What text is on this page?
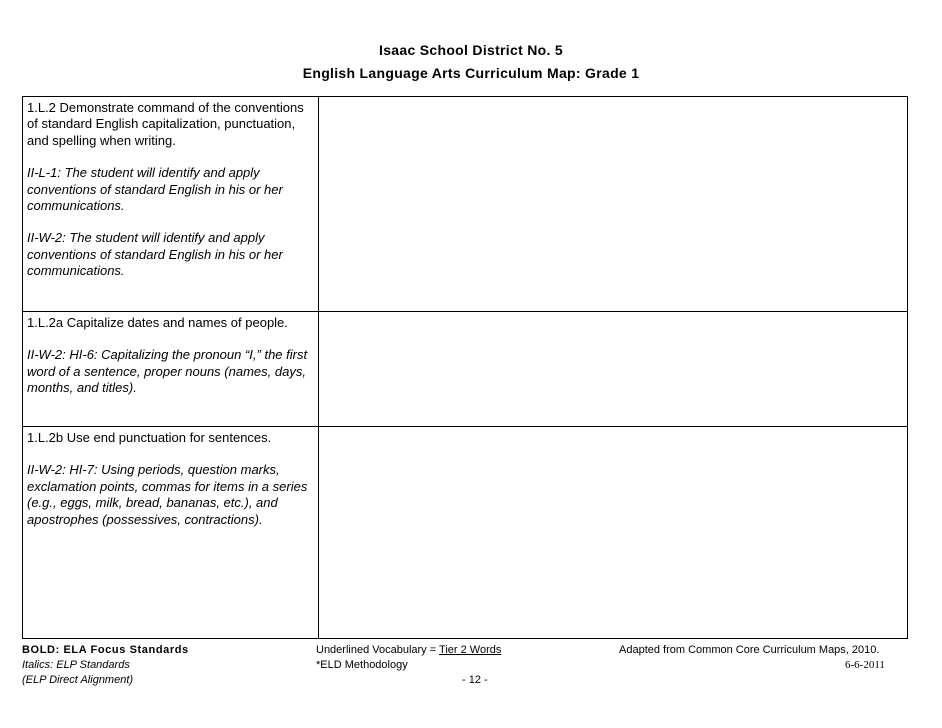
Isaac School District No. 5
English Language Arts Curriculum Map: Grade 1

1.L.2 Demonstrate command of the conventions of standard English capitalization, punctuation, and spelling when writing.

II-L-1: The student will identify and apply conventions of standard English in his or her communications.

II-W-2: The student will identify and apply conventions of standard English in his or her communications.	

1.L.2a Capitalize dates and names of people.

II-W-2: HI-6: Capitalizing the pronoun “I,” the first word of a sentence, proper nouns (names, days, months, and titles).	

1.L.2b Use end punctuation for sentences.

II-W-2: HI-7: Using periods, question marks, exclamation points, commas for items in a series (e.g., eggs, milk, bread, bananas, etc.), and apostrophes (possessives, contractions).	

BOLD: ELA Focus Standards
Italics: ELP Standards
(ELP Direct Alignment)
Underlined Vocabulary = Tier 2 Words
*ELD Methodology
- 12 -
Adapted from Common Core Curriculum Maps, 2010.
6-6-2011
